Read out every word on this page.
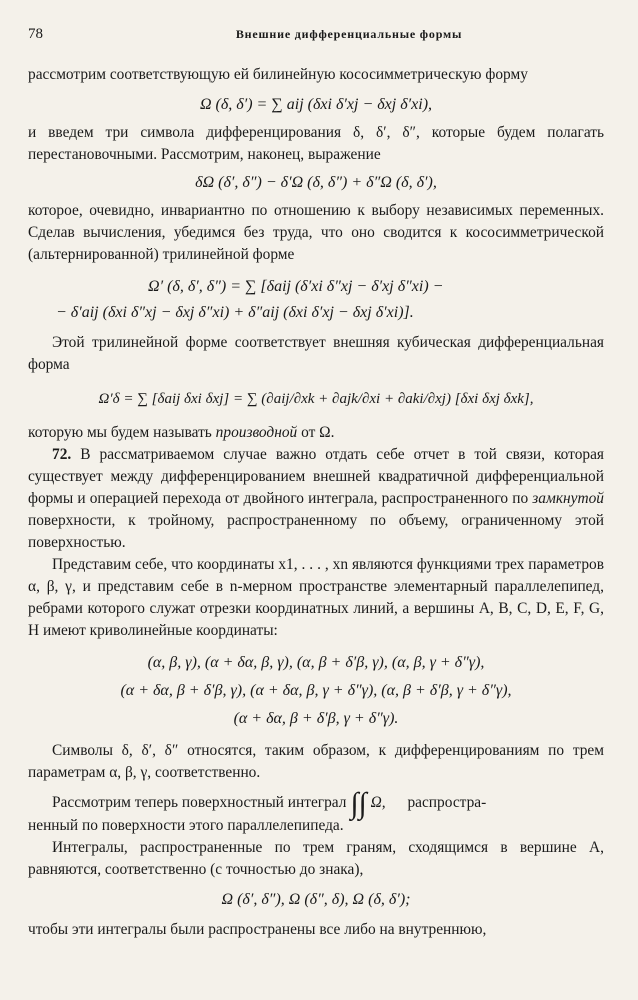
78	Внешние дифференциальные формы

рассмотрим соответствующую ей билинейную кососимметрическую форму

Ω (δ, δ′) = ∑ aij (δxi δ′xj − δxj δ′xi),

и введем три символа дифференцирования δ, δ′, δ″, которые будем полагать перестановочными. Рассмотрим, наконец, выражение

δΩ (δ′, δ″) − δ′Ω (δ, δ″) + δ″Ω (δ, δ′),

которое, очевидно, инвариантно по отношению к выбору независимых переменных. Сделав вычисления, убедимся без труда, что оно сводится к кососимметрической (альтернированной) трилинейной форме

Ω′ (δ, δ′, δ″) = ∑ [δaij (δ′xi δ″xj − δ′xj δ″xi) −

− δ′aij (δxi δ″xj − δxj δ″xi) + δ″aij (δxi δ′xj − δxj δ′xi)].

Этой трилинейной форме соответствует внешняя кубическая дифференциальная форма

Ω′δ = ∑ [δaij δxi δxj] = ∑ (∂aij/∂xk + ∂ajk/∂xi + ∂aki/∂xj) [δxi δxj δxk],

которую мы будем называть производной от Ω.

72. В рассматриваемом случае важно отдать себе отчет в той связи, которая существует между дифференцированием внешней квадратичной дифференциальной формы и операцией перехода от двойного интеграла, распространенного по замкнутой поверхности, к тройному, распространенному по объему, ограниченному этой поверхностью.

Представим себе, что координаты x1, . . . , xn являются функциями трех параметров α, β, γ, и представим себе в n-мерном пространстве элементарный параллелепипед, ребрами которого служат отрезки координатных линий, а вершины A, B, C, D, E, F, G, H имеют криволинейные координаты:

(α, β, γ), (α + δα, β, γ), (α, β + δ′β, γ), (α, β, γ + δ″γ),

(α + δα, β + δ′β, γ), (α + δα, β, γ + δ″γ), (α, β + δ′β, γ + δ″γ),

(α + δα, β + δ′β, γ + δ″γ).

Символы δ, δ′, δ″ относятся, таким образом, к дифференцированиям по трем параметрам α, β, γ, соответственно.

Рассмотрим теперь поверхностный интеграл ∫∫ Ω, распростра-

ненный по поверхности этого параллелепипеда.

Интегралы, распространенные по трем граням, сходящимся в вершине A, равняются, соответственно (с точностью до знака),

Ω (δ′, δ″), Ω (δ″, δ), Ω (δ, δ′);

чтобы эти интегралы были распространены все либо на внутреннюю,
